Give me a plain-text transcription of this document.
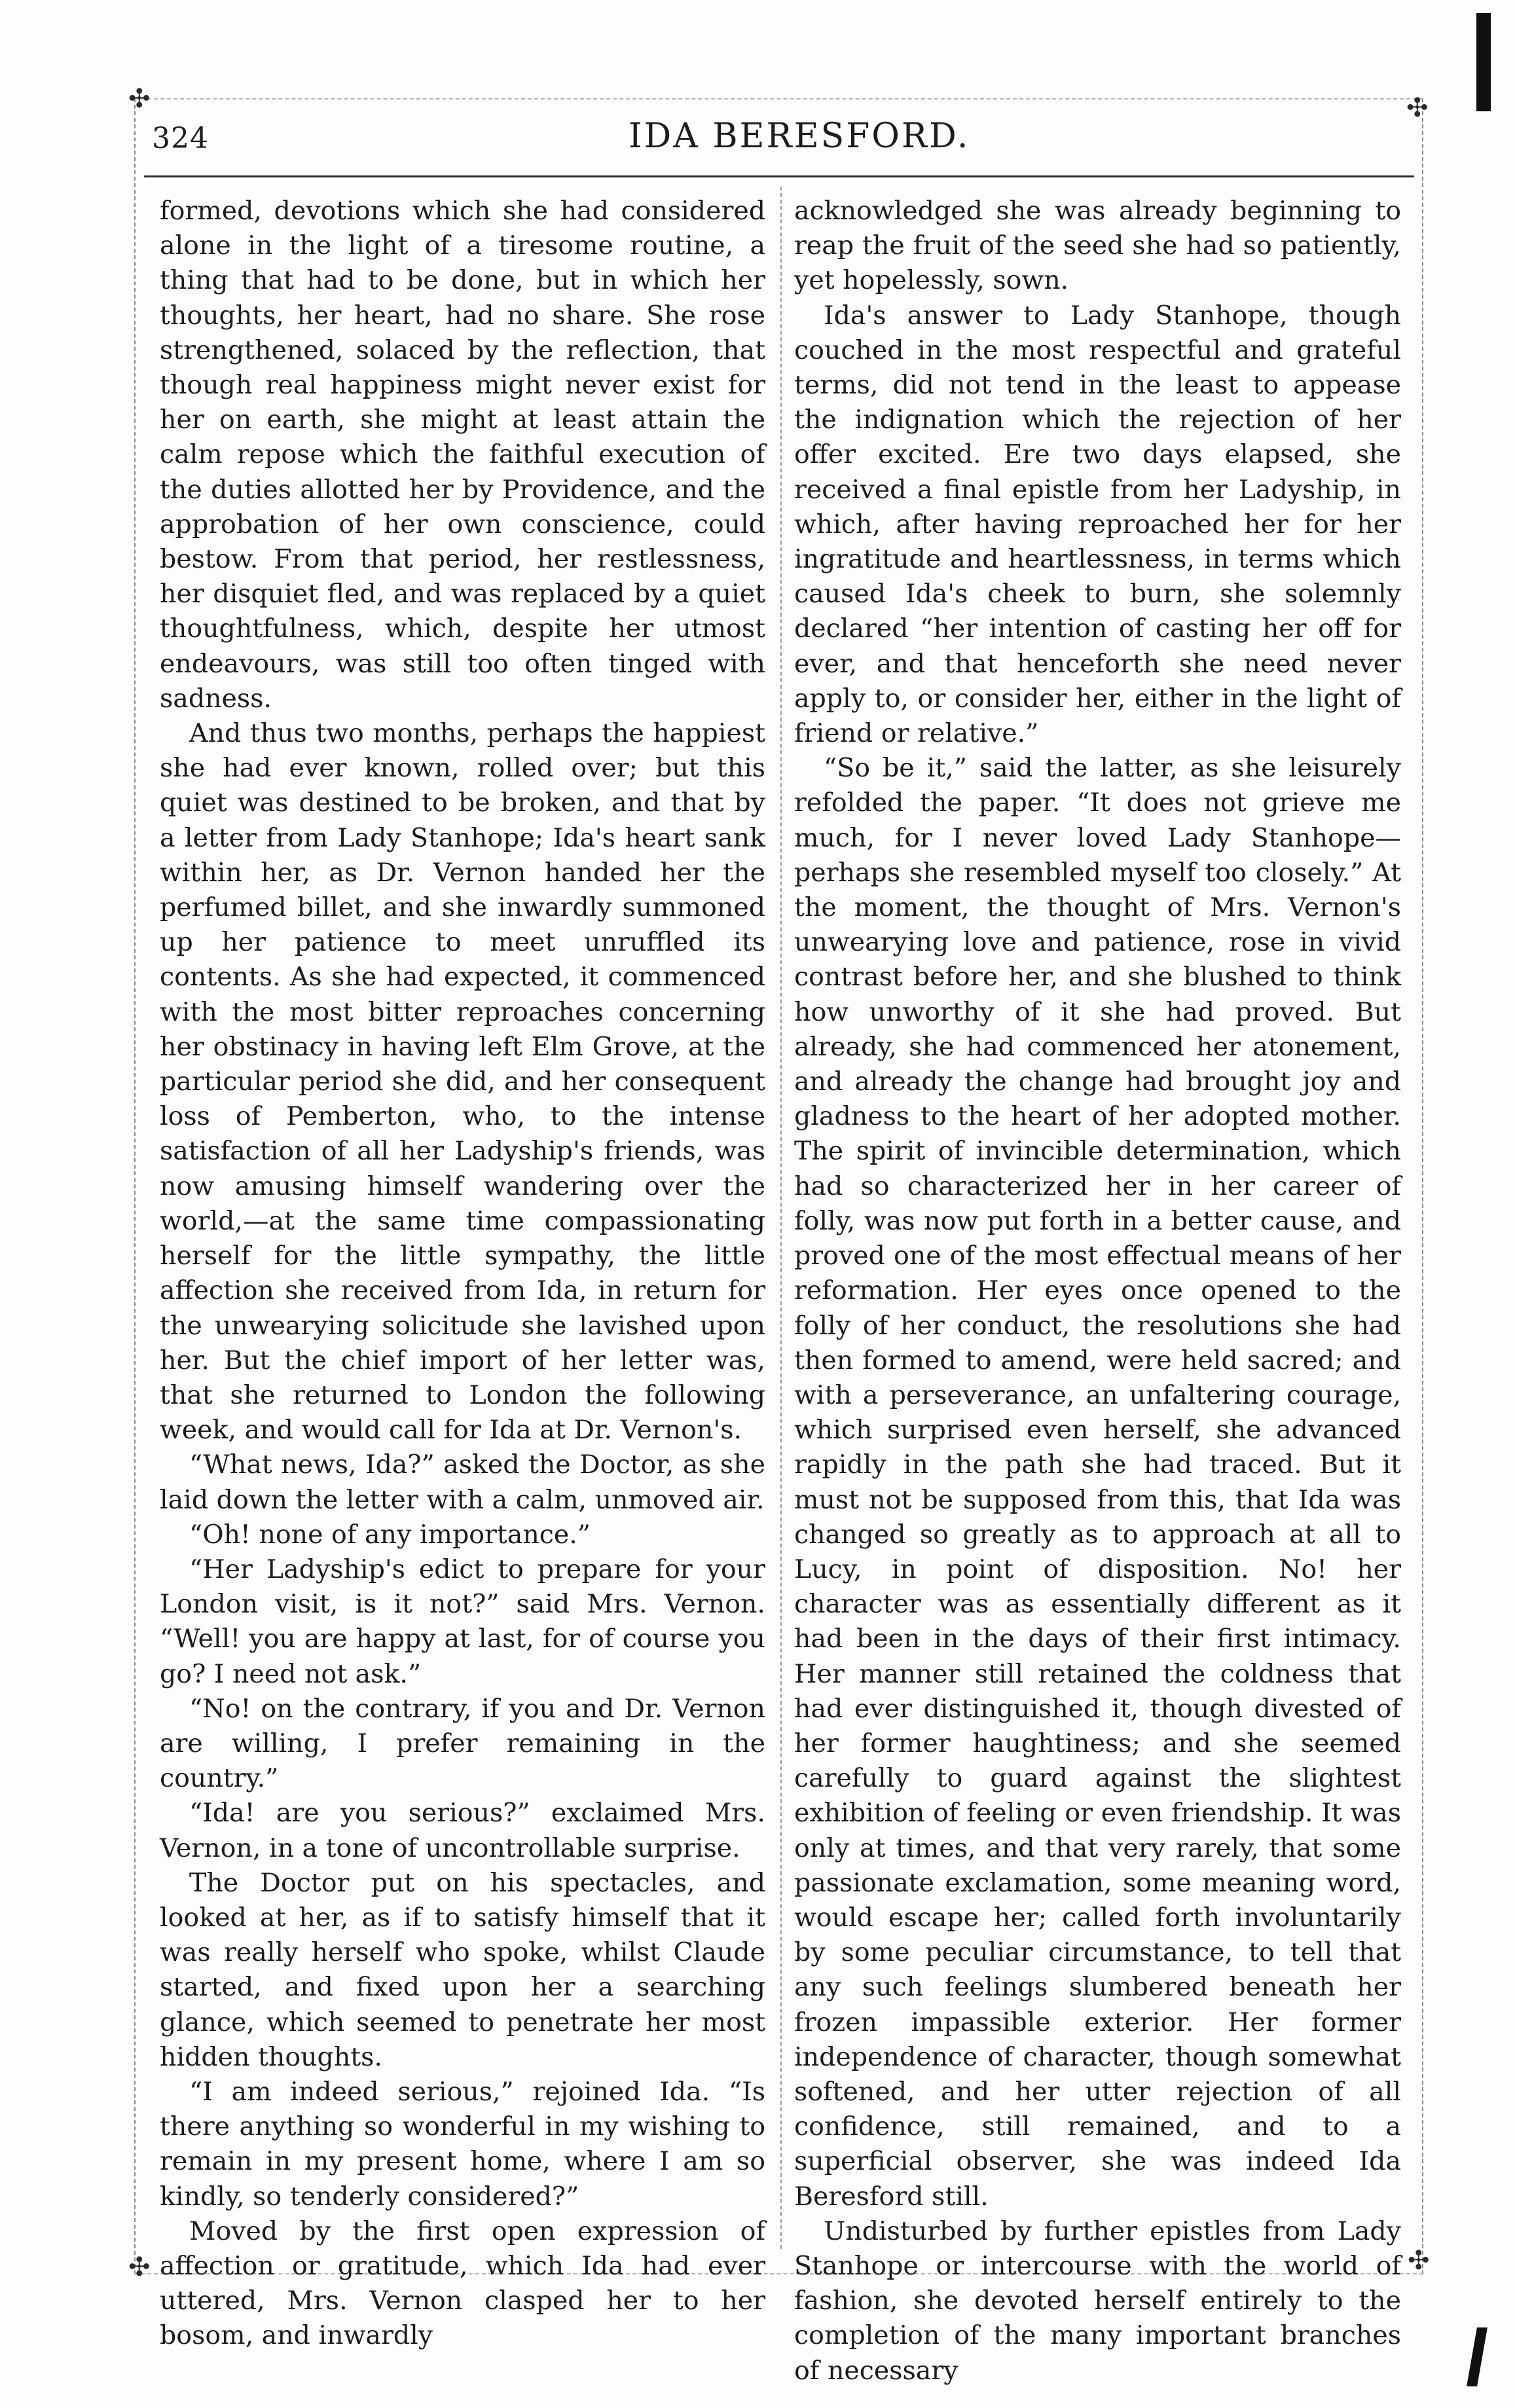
✣	✣
✣	✣
324	IDA BERESFORD.

formed, devotions which she had considered alone in the light of a tiresome routine, a thing that had to be done, but in which her thoughts, her heart, had no share. She rose strengthened, solaced by the reflection, that though real happiness might never exist for her on earth, she might at least attain the calm repose which the faithful execution of the duties allotted her by Providence, and the approbation of her own conscience, could bestow. From that period, her restlessness, her disquiet fled, and was replaced by a quiet thoughtfulness, which, despite her utmost endeavours, was still too often tinged with sadness.

And thus two months, perhaps the happiest she had ever known, rolled over; but this quiet was destined to be broken, and that by a letter from Lady Stanhope; Ida's heart sank within her, as Dr. Vernon handed her the perfumed billet, and she inwardly summoned up her patience to meet unruffled its contents. As she had expected, it commenced with the most bitter reproaches concerning her obstinacy in having left Elm Grove, at the particular period she did, and her consequent loss of Pemberton, who, to the intense satisfaction of all her Ladyship's friends, was now amusing himself wandering over the world,—at the same time compassionating herself for the little sympathy, the little affection she received from Ida, in return for the unwearying solicitude she lavished upon her. But the chief import of her letter was, that she returned to London the following week, and would call for Ida at Dr. Vernon's.

“What news, Ida?” asked the Doctor, as she laid down the letter with a calm, unmoved air.

“Oh! none of any importance.”

“Her Ladyship's edict to prepare for your London visit, is it not?” said Mrs. Vernon. “Well! you are happy at last, for of course you go? I need not ask.”

“No! on the contrary, if you and Dr. Vernon are willing, I prefer remaining in the country.”

“Ida! are you serious?” exclaimed Mrs. Vernon, in a tone of uncontrollable surprise.

The Doctor put on his spectacles, and looked at her, as if to satisfy himself that it was really herself who spoke, whilst Claude started, and fixed upon her a searching glance, which seemed to penetrate her most hidden thoughts.

“I am indeed serious,” rejoined Ida. “Is there anything so wonderful in my wishing to remain in my present home, where I am so kindly, so tenderly considered?”

Moved by the first open expression of affection or gratitude, which Ida had ever uttered, Mrs. Vernon clasped her to her bosom, and inwardly

acknowledged she was already beginning to reap the fruit of the seed she had so patiently, yet hopelessly, sown.

Ida's answer to Lady Stanhope, though couched in the most respectful and grateful terms, did not tend in the least to appease the indignation which the rejection of her offer excited. Ere two days elapsed, she received a final epistle from her Ladyship, in which, after having reproached her for her ingratitude and heartlessness, in terms which caused Ida's cheek to burn, she solemnly declared “her intention of casting her off for ever, and that henceforth she need never apply to, or consider her, either in the light of friend or relative.”

“So be it,” said the latter, as she leisurely refolded the paper. “It does not grieve me much, for I never loved Lady Stanhope—perhaps she resembled myself too closely.” At the moment, the thought of Mrs. Vernon's unwearying love and patience, rose in vivid contrast before her, and she blushed to think how unworthy of it she had proved. But already, she had commenced her atonement, and already the change had brought joy and gladness to the heart of her adopted mother. The spirit of invincible determination, which had so characterized her in her career of folly, was now put forth in a better cause, and proved one of the most effectual means of her reformation. Her eyes once opened to the folly of her conduct, the resolutions she had then formed to amend, were held sacred; and with a perseverance, an unfaltering courage, which surprised even herself, she advanced rapidly in the path she had traced. But it must not be supposed from this, that Ida was changed so greatly as to approach at all to Lucy, in point of disposition. No! her character was as essentially different as it had been in the days of their first intimacy. Her manner still retained the coldness that had ever distinguished it, though divested of her former haughtiness; and she seemed carefully to guard against the slightest exhibition of feeling or even friendship. It was only at times, and that very rarely, that some passionate exclamation, some meaning word, would escape her; called forth involuntarily by some peculiar circumstance, to tell that any such feelings slumbered beneath her frozen impassible exterior. Her former independence of character, though somewhat softened, and her utter rejection of all confidence, still remained, and to a superficial observer, she was indeed Ida Beresford still.

Undisturbed by further epistles from Lady Stanhope or intercourse with the world of fashion, she devoted herself entirely to the completion of the many important branches of necessary
